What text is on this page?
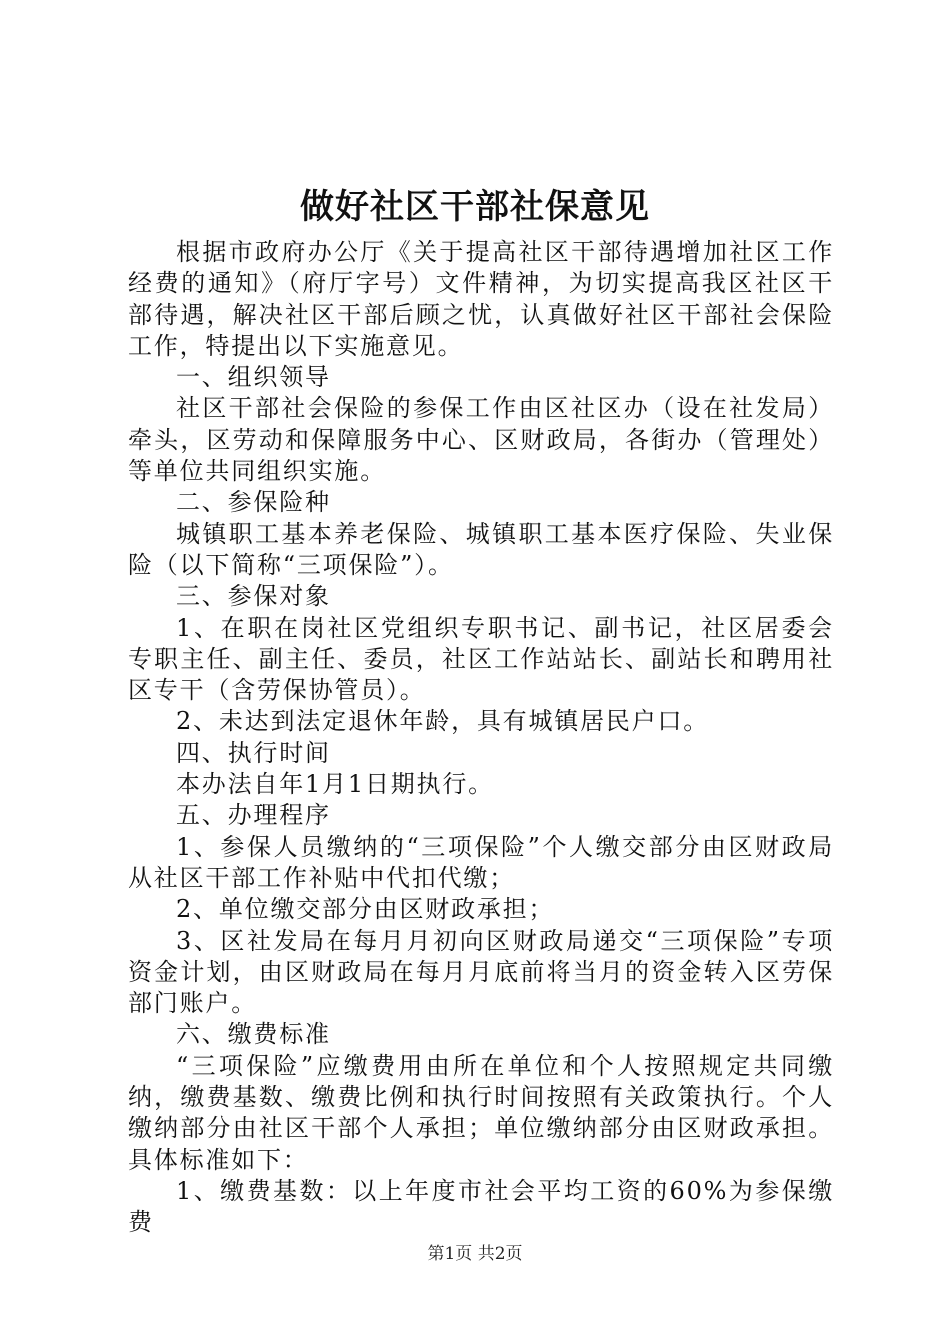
做好社区干部社保意见

根据市政府办公厅《关于提高社区干部待遇增加社区工作经费的通知》（府厅字号）文件精神，为切实提高我区社区干部待遇，解决社区干部后顾之忧，认真做好社区干部社会保险工作，特提出以下实施意见。

一、组织领导

社区干部社会保险的参保工作由区社区办（设在社发局）牵头，区劳动和保障服务中心、区财政局，各街办（管理处）等单位共同组织实施。

二、参保险种

城镇职工基本养老保险、城镇职工基本医疗保险、失业保险（以下简称“三项保险”）。

三、参保对象

1、在职在岗社区党组织专职书记、副书记，社区居委会专职主任、副主任、委员，社区工作站站长、副站长和聘用社区专干（含劳保协管员）。

2、未达到法定退休年龄，具有城镇居民户口。

四、执行时间

本办法自年1月1日期执行。

五、办理程序

1、参保人员缴纳的“三项保险”个人缴交部分由区财政局从社区干部工作补贴中代扣代缴；

2、单位缴交部分由区财政承担；

3、区社发局在每月月初向区财政局递交“三项保险”专项资金计划，由区财政局在每月月底前将当月的资金转入区劳保部门账户。

六、缴费标准

“三项保险”应缴费用由所在单位和个人按照规定共同缴纳，缴费基数、缴费比例和执行时间按照有关政策执行。个人缴纳部分由社区干部个人承担；单位缴纳部分由区财政承担。具体标准如下：

1、缴费基数：以上年度市社会平均工资的60%为参保缴费

第1页 共2页
